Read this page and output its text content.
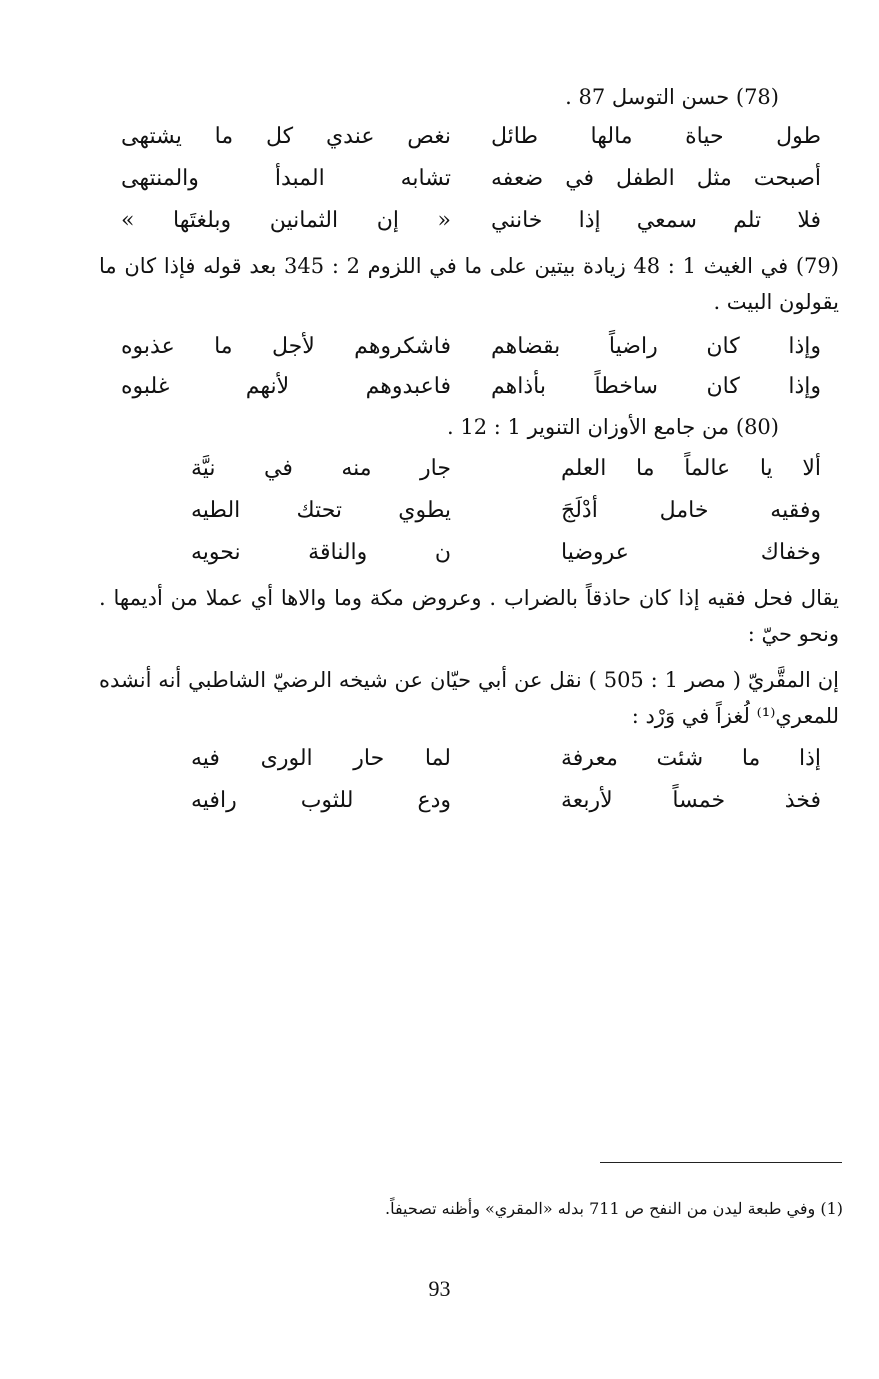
(78) حسن التوسل 87 .
طول حياة مالها طائل
نغص عندي كل ما يشتهى
أصبحت مثل الطفل في ضعفه
تشابه المبدأ والمنتهى
فلا تلم سمعي إذا خانني
« إن الثمانين وبلغتَها »
(79) في الغيث 1 : 48 زيادة بيتين على ما في اللزوم 2 : 345 بعد قوله فإذا كان ما يقولون البيت .
وإذا كان راضياً بقضاهم
فاشكروهم لأجل ما عذبوه
وإذا كان ساخطاً بأذاهم
فاعبدوهم لأنهم غلبوه
(80) من جامع الأوزان التنوير 1 : 12 .
ألا يا عالماً ما العلم
جار منه في نيَّة
وفقيه خامل أدْلَجَ
يطوي تحتك الطيه
وخفاك عروضيا
ن والناقة نحويه
يقال فحل فقيه إذا كان حاذقاً بالضراب . وعروض مكة وما والاها أي عملا من أديمها . ونحو حيّ :
إن المقَّريّ ( مصر 1 : 505 ) نقل عن أبي حيّان عن شيخه الرضيّ الشاطبي أنه أنشده للمعري⁽¹⁾ لُغزاً في وَرْد :
إذا ما شئت معرفة
لما حار الورى فيه
فخذ خمساً لأربعة
ودع للثوب رافيه
(1) وفي طبعة ليدن من النفح ص 711 بدله «المقري» وأظنه تصحيفاً.
93
